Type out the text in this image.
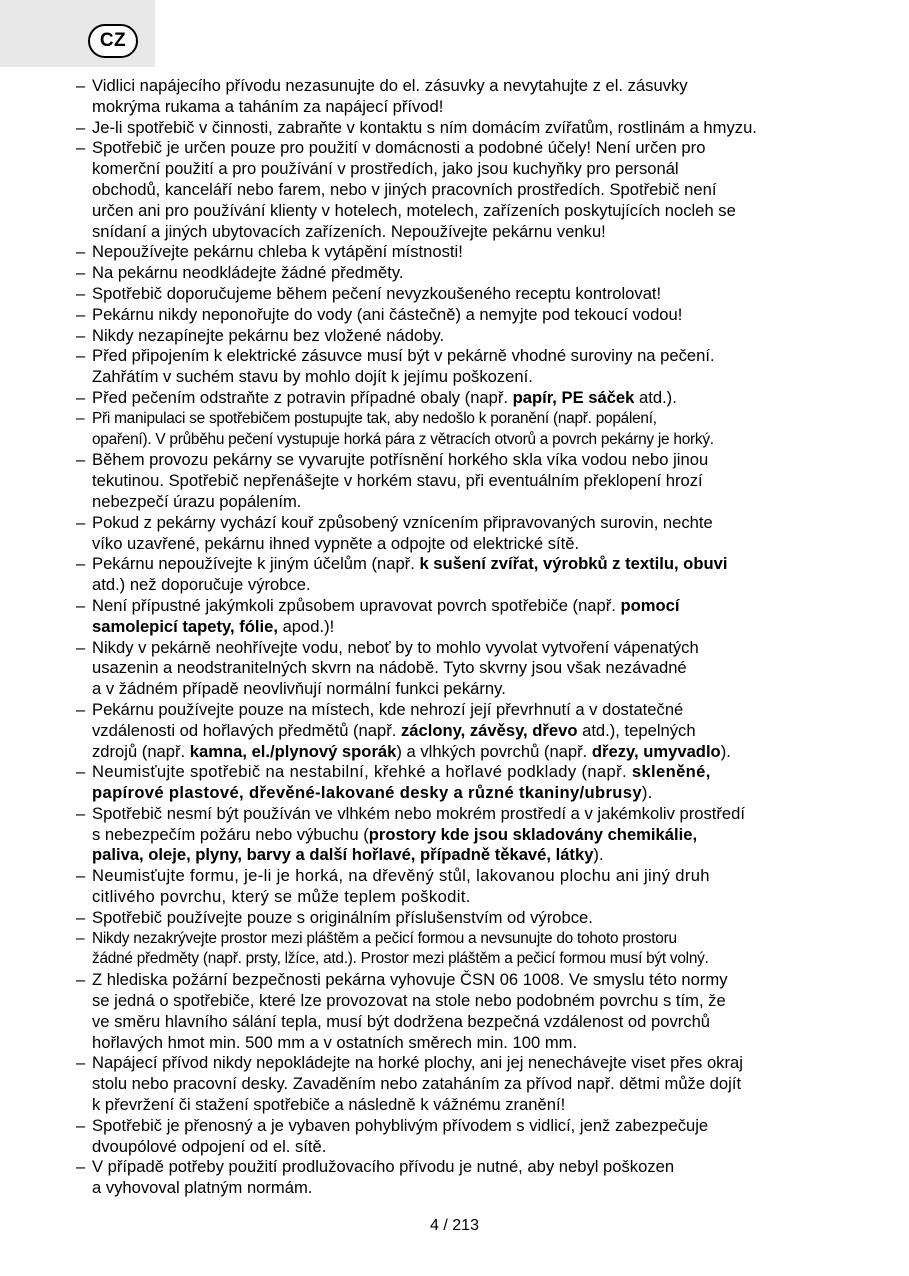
CZ
– Vidlici napájecího přívodu nezasunujte do el. zásuvky a nevytahujte z el. zásuvky
mokrýma rukama a taháním za napájecí přívod!
– Je-li spotřebič v činnosti, zabraňte v kontaktu s ním domácím zvířatům, rostlinám a hmyzu.
– Spotřebič je určen pouze pro použití v domácnosti a podobné účely! Není určen pro
komerční použití a pro používání v prostředích, jako jsou kuchyňky pro personál
obchodů, kanceláří nebo farem, nebo v jiných pracovních prostředích. Spotřebič není
určen ani pro používání klienty v hotelech, motelech, zařízeních poskytujících nocleh se
snídaní a jiných ubytovacích zařízeních. Nepoužívejte pekárnu venku!
– Nepoužívejte pekárnu chleba k vytápění místnosti!
– Na pekárnu neodkládejte žádné předměty.
– Spotřebič doporučujeme během pečení nevyzkoušeného receptu kontrolovat!
– Pekárnu nikdy neponořujte do vody (ani částečně) a nemyjte pod tekoucí vodou!
– Nikdy nezapínejte pekárnu bez vložené nádoby.
– Před připojením k elektrické zásuvce musí být v pekárně vhodné suroviny na pečení.
Zahřátím v suchém stavu by mohlo dojít k jejímu poškození.
– Před pečením odstraňte z potravin případné obaly (např. papír, PE sáček atd.).
– Při manipulaci se spotřebičem postupujte tak, aby nedošlo k poranění (např. popálení,
opaření). V průběhu pečení vystupuje horká pára z větracích otvorů a povrch pekárny je horký.
– Během provozu pekárny se vyvarujte potřísnění horkého skla víka vodou nebo jinou
tekutinou. Spotřebič nepřenášejte v horkém stavu, při eventuálním překlopení hrozí
nebezpečí úrazu popálením.
– Pokud z pekárny vychází kouř způsobený vznícením připravovaných surovin, nechte
víko uzavřené, pekárnu ihned vypněte a odpojte od elektrické sítě.
– Pekárnu nepoužívejte k jiným účelům (např. k sušení zvířat, výrobků z textilu, obuvi
atd.) než doporučuje výrobce.
– Není přípustné jakýmkoli způsobem upravovat povrch spotřebiče (např. pomocí
samolepicí tapety, fólie, apod.)!
– Nikdy v pekárně neohřívejte vodu, neboť by to mohlo vyvolat vytvoření vápenatých
usazenin a neodstranitelných skvrn na nádobě. Tyto skvrny jsou však nezávadné
a v žádném případě neovlivňují normální funkci pekárny.
– Pekárnu používejte pouze na místech, kde nehrozí její převrhnutí a v dostatečné
vzdálenosti od hořlavých předmětů (např. záclony, závěsy, dřevo atd.), tepelných
zdrojů (např. kamna, el./plynový sporák) a vlhkých povrchů (např. dřezy, umyvadlo).
– Neumisťujte spotřebič na nestabilní, křehké a hořlavé podklady (např. skleněné,
papírové plastové, dřevěné-lakované desky a různé tkaniny/ubrusy).
– Spotřebič nesmí být používán ve vlhkém nebo mokrém prostředí a v jakémkoliv prostředí
s nebezpečím požáru nebo výbuchu (prostory kde jsou skladovány chemikálie,
paliva, oleje, plyny, barvy a další hořlavé, případně těkavé, látky).
– Neumisťujte formu, je-li je horká, na dřevěný stůl, lakovanou plochu ani jiný druh
citlivého povrchu, který se může teplem poškodit.
– Spotřebič používejte pouze s originálním příslušenstvím od výrobce.
– Nikdy nezakrývejte prostor mezi pláštěm a pečicí formou a nevsunujte do tohoto prostoru
žádné předměty (např. prsty, lžíce, atd.). Prostor mezi pláštěm a pečicí formou musí být volný.
– Z hlediska požární bezpečnosti pekárna vyhovuje ČSN 06 1008. Ve smyslu této normy
se jedná o spotřebiče, které lze provozovat na stole nebo podobném povrchu s tím, že
ve směru hlavního sálání tepla, musí být dodržena bezpečná vzdálenost od povrchů
hořlavých hmot min. 500 mm a v ostatních směrech min. 100 mm.
– Napájecí přívod nikdy nepokládejte na horké plochy, ani jej nenechávejte viset přes okraj
stolu nebo pracovní desky. Zavaděním nebo zataháním za přívod např. dětmi může dojít
k převržení či stažení spotřebiče a následně k vážnému zranění!
– Spotřebič je přenosný a je vybaven pohyblivým přívodem s vidlicí, jenž zabezpečuje
dvoupólové odpojení od el. sítě.
– V případě potřeby použití prodlužovacího přívodu je nutné, aby nebyl poškozen
a vyhovoval platným normám.
4 / 213
